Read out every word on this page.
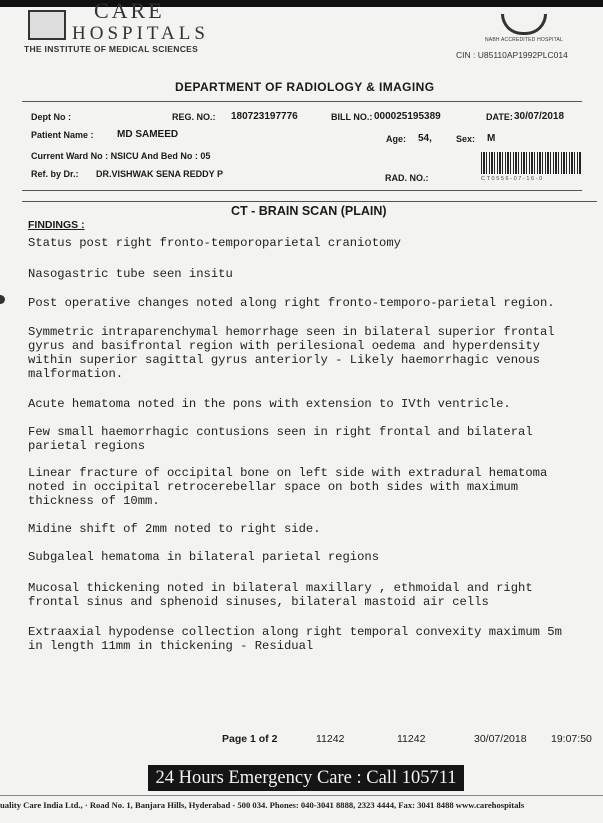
CARE
HOSPITALS
THE INSTITUTE OF MEDICAL SCIENCES
NABH ACCREDITED HOSPITAL
CIN : U85110AP1992PLC014
DEPARTMENT OF RADIOLOGY & IMAGING
Dept No :	REG. NO.: 180723197776	BILL NO.: 000025195389	DATE: 30/07/2018
Patient Name : MD SAMEED	Age: 54,	Sex: M
Current Ward No : NSICU And Bed No : 05
Ref. by Dr.: DR.VISHWAK SENA REDDY P	RAD. NO.:	CT0556-07-16-0
CT - BRAIN SCAN (PLAIN)
FINDINGS :
Status post right fronto-temporoparietal craniotomy
Nasogastric tube seen insitu
Post operative changes noted along right fronto-temporo-parietal region.
Symmetric intraparenchymal hemorrhage seen in bilateral superior frontal
gyrus and basifrontal region with perilesional oedema and hyperdensity
within superior sagittal gyrus anteriorly - Likely haemorrhagic venous
malformation.
Acute hematoma noted in the pons with extension to IVth ventricle.
Few small haemorrhagic contusions seen in right frontal and bilateral
parietal regions
Linear fracture of occipital bone on left side with extradural hematoma
noted in occipital retrocerebellar space on both sides with maximum
thickness of 10mm.
Midine shift of 2mm noted to right side.
Subgaleal hematoma in bilateral parietal regions
Mucosal thickening noted in bilateral maxillary , ethmoidal and right
frontal sinus and sphenoid sinuses, bilateral mastoid air cells
Extraaxial hypodense collection along right temporal convexity maximum 5m
in length 11mm in thickening - Residual
Page 1 of 2	11242	11242	30/07/2018 19:07:50
24 Hours Emergency Care : Call 105711
uality Care India Ltd., · Road No. 1, Banjara Hills, Hyderabad - 500 034. Phones: 040-3041 8888, 2323 4444, Fax: 3041 8488 www.carehospitals
